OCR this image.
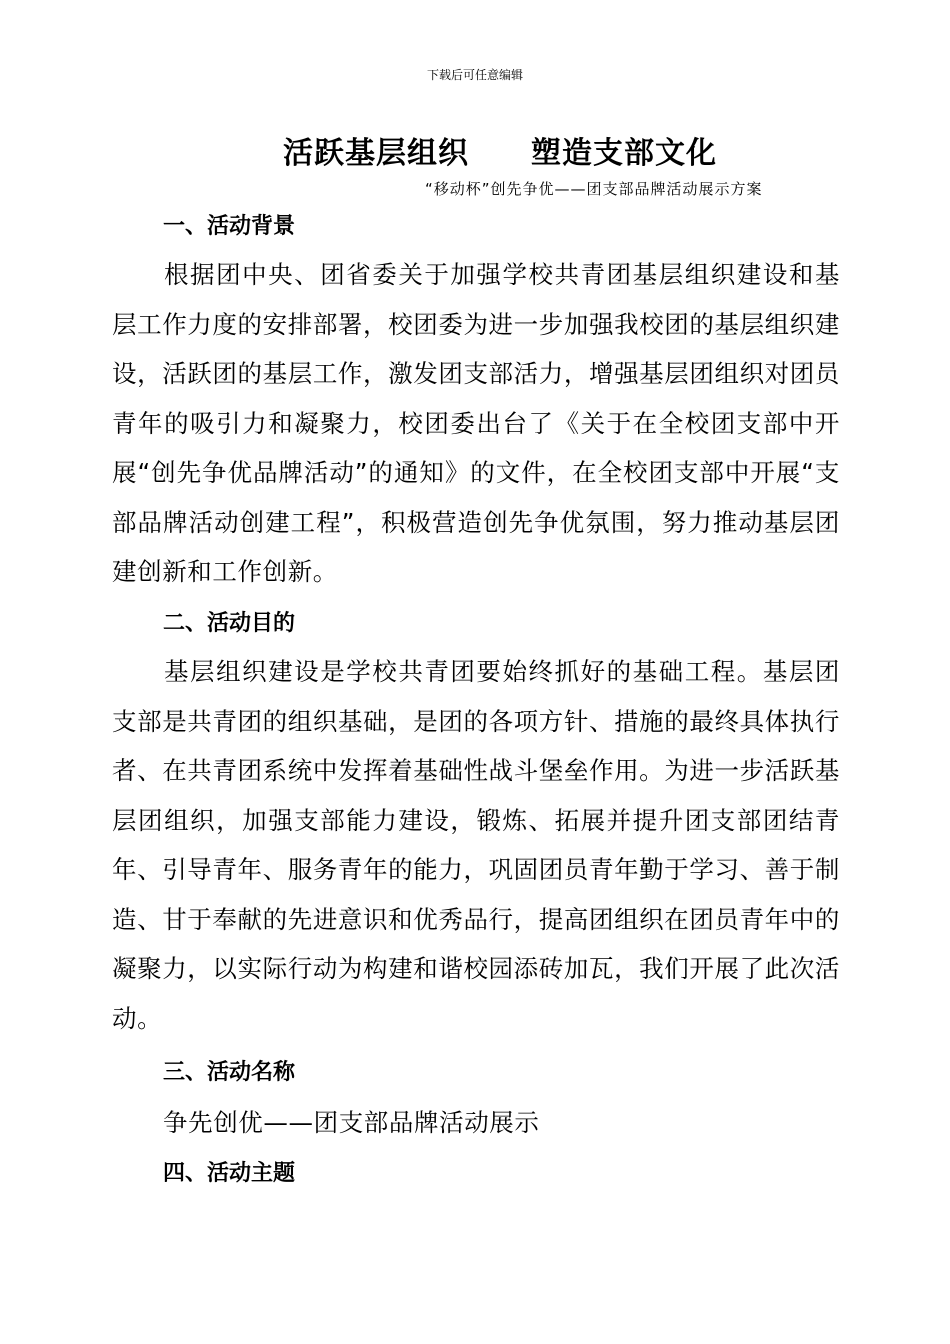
下载后可任意编辑
活跃基层组织　　塑造支部文化
“移动杯”创先争优——团支部品牌活动展示方案
一、活动背景
根据团中央、团省委关于加强学校共青团基层组织建设和基层工作力度的安排部署，校团委为进一步加强我校团的基层组织建设，活跃团的基层工作，激发团支部活力，增强基层团组织对团员青年的吸引力和凝聚力，校团委出台了《关于在全校团支部中开展“创先争优品牌活动”的通知》的文件，在全校团支部中开展“支部品牌活动创建工程”，积极营造创先争优氛围，努力推动基层团建创新和工作创新。
二、活动目的
基层组织建设是学校共青团要始终抓好的基础工程。基层团支部是共青团的组织基础，是团的各项方针、措施的最终具体执行者、在共青团系统中发挥着基础性战斗堡垒作用。为进一步活跃基层团组织，加强支部能力建设，锻炼、拓展并提升团支部团结青年、引导青年、服务青年的能力，巩固团员青年勤于学习、善于制造、甘于奉献的先进意识和优秀品行，提高团组织在团员青年中的凝聚力，以实际行动为构建和谐校园添砖加瓦，我们开展了此次活动。
三、活动名称
争先创优——团支部品牌活动展示
四、活动主题
